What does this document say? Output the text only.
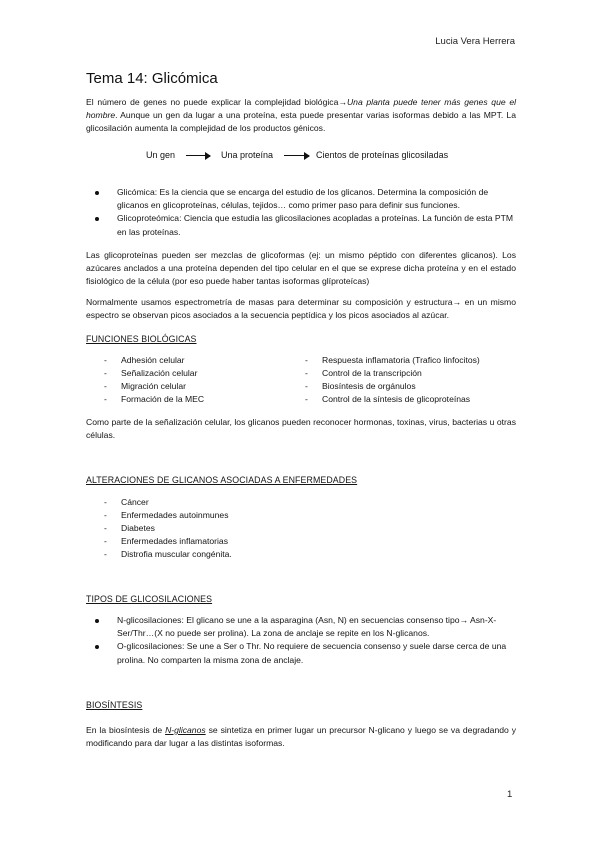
Lucia Vera Herrera
Tema 14: Glicómica
El número de genes no puede explicar la complejidad biológica→Una planta puede tener más genes que el hombre. Aunque un gen da lugar a una proteína, esta puede presentar varias isoformas debido a las MPT. La glicosilación aumenta la complejidad de los productos génicos.
Un gen	Una proteína	Cientos de proteínas glicosiladas
Glicómica: Es la ciencia que se encarga del estudio de los glicanos. Determina la composición de glicanos en glicoproteínas, células, tejidos… como primer paso para definir sus funciones.
Glicoproteómica: Ciencia que estudia las glicosilaciones acopladas a proteínas. La función de esta PTM en las proteínas.
Las glicoproteínas pueden ser mezclas de glicoformas (ej: un mismo péptido con diferentes glicanos). Los azúcares anclados a una proteína dependen del tipo celular en el que se exprese dicha proteína y en el estado fisiológico de la célula (por eso puede haber tantas isoformas glíproteícas)
Normalmente usamos espectrometría de masas para determinar su composición y estructura→ en un mismo espectro se observan picos asociados a la secuencia peptídica y los picos asociados al azúcar.
FUNCIONES BIOLÓGICAS
- Adhesión celular
- Señalización celular
- Migración celular
- Formación de la MEC
- Respuesta inflamatoria (Trafico linfocitos)
- Control de la transcripción
- Biosíntesis de orgánulos
- Control de la síntesis de glicoproteínas
Como parte de la señalización celular, los glicanos pueden reconocer hormonas, toxinas, virus, bacterias u otras células.
ALTERACIONES DE GLICANOS ASOCIADAS A ENFERMEDADES
- Cáncer
- Enfermedades autoinmunes
- Diabetes
- Enfermedades inflamatorias
- Distrofia muscular congénita.
TIPOS DE GLICOSILACIONES
N-glicosilaciones: El glicano se une a la asparagina (Asn, N) en secuencias consenso tipo→ Asn-X-Ser/Thr…(X no puede ser prolina). La zona de anclaje se repite en los N-glicanos.
O-glicosilaciones: Se une a Ser o Thr. No requiere de secuencia consenso y suele darse cerca de una prolina. No comparten la misma zona de anclaje.
BIOSÍNTESIS
En la biosíntesis de N-glicanos se sintetiza en primer lugar un precursor N-glicano y luego se va degradando y modificando para dar lugar a las distintas isoformas.
1
